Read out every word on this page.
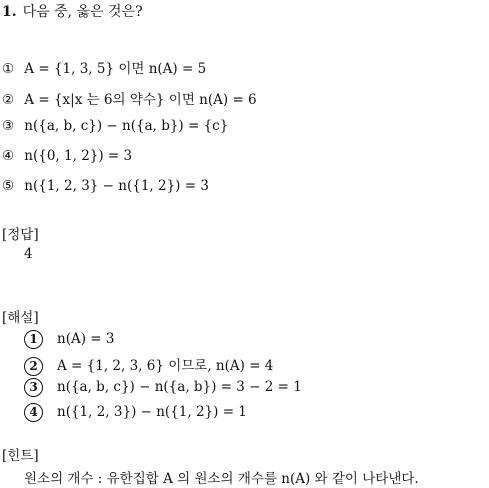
1. 다음 중, 옳은 것은?
① A = {1, 3, 5} 이면 n(A) = 5
② A = {x|x 는 6의 약수} 이면 n(A) = 6
③ n({a, b, c}) − n({a, b}) = {c}
④ n({0, 1, 2}) = 3
⑤ n({1, 2, 3} − n({1, 2}) = 3
[정답]
4
[해설]
1 n(A) = 3
2 A = {1, 2, 3, 6} 이므로, n(A) = 4
3 n({a, b, c}) − n({a, b}) = 3 − 2 = 1
4 n({1, 2, 3}) − n({1, 2}) = 1
[힌트]
원소의 개수 : 유한집합 A 의 원소의 개수를 n(A) 와 같이 나타낸다.
